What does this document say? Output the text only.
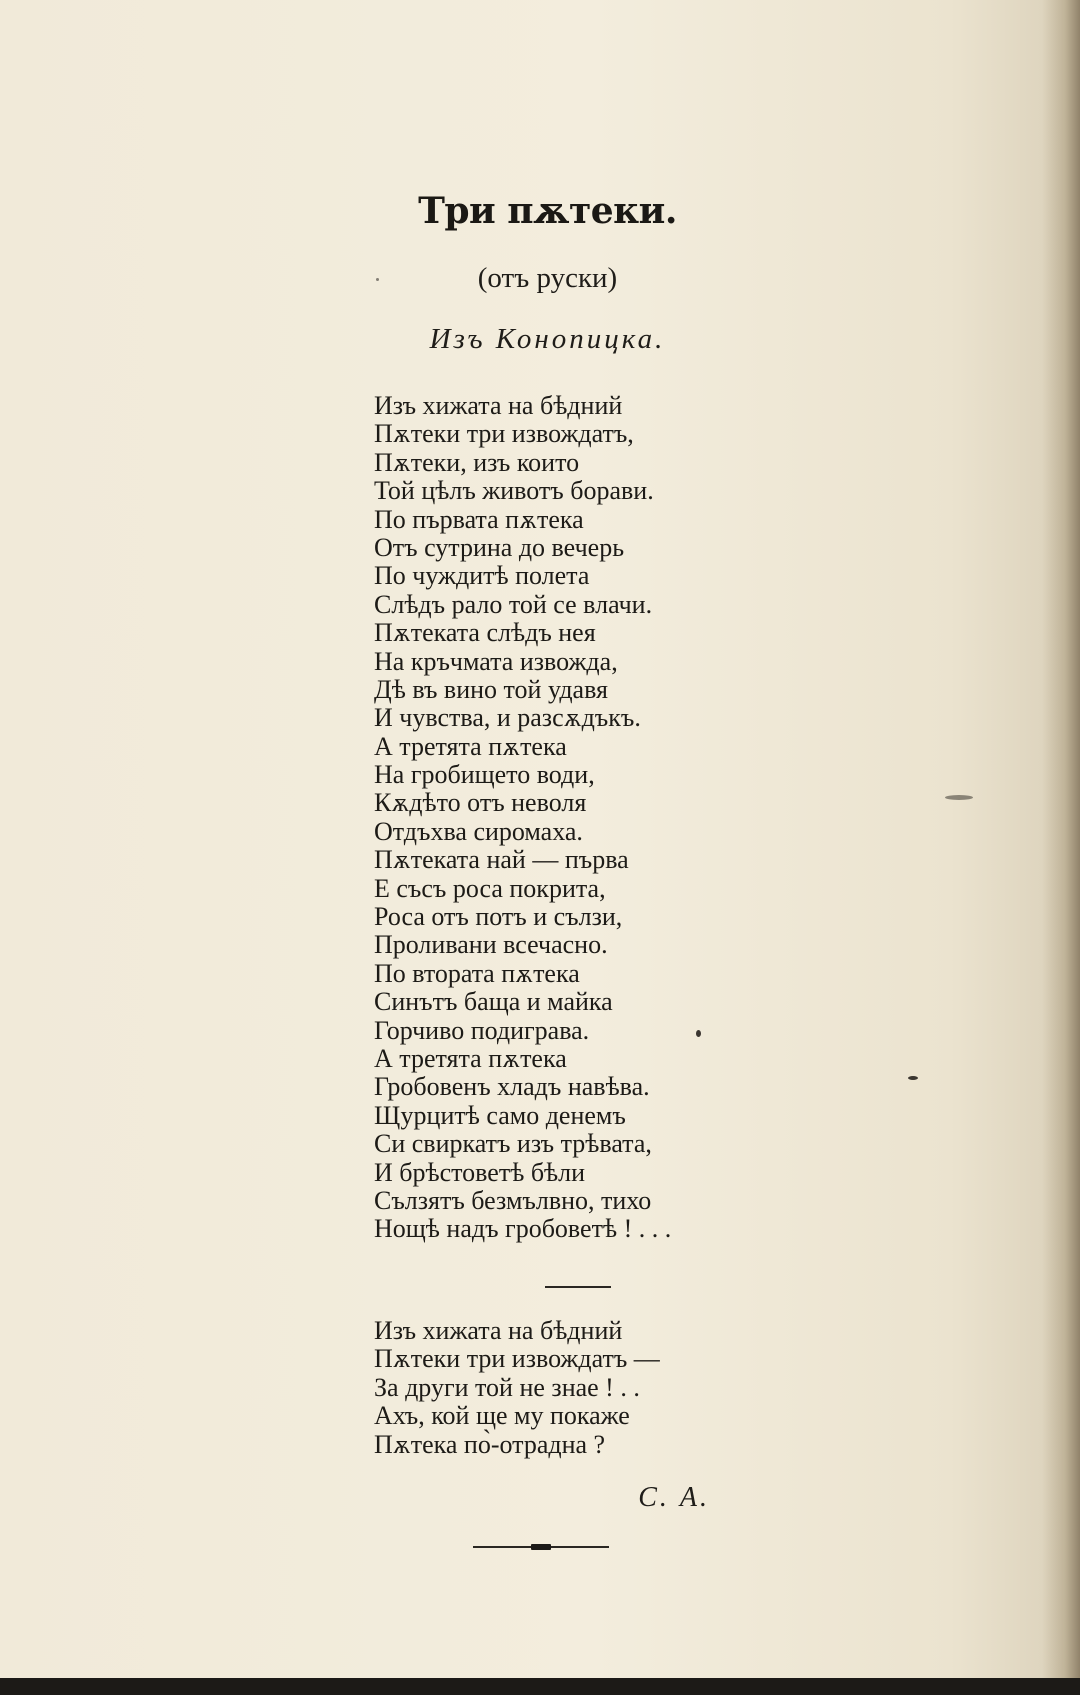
Три пѫтеки.

(отъ руски)

Изъ Конопицка.

Изъ хижата на бѣдний
Пѫтеки три извождатъ,
Пѫтеки, изъ които
Той цѣлъ животъ борави.
По първата пѫтека
Отъ сутрина до вечерь
По чуждитѣ полета
Слѣдъ рало той се влачи.
Пѫтеката слѣдъ нея
На кръчмата извожда,
Дѣ въ вино той удавя
И чувства, и разсѫдъкъ.
А третята пѫтека
На гробището води,
Кѫдѣто отъ неволя
Отдъхва сиромаха.
Пѫтеката най — първа
Е съсъ роса покрита,
Роса отъ потъ и сълзи,
Проливани всечасно.
По вторатa пѫтека
Синътъ баща и майка
Горчиво подиграва.
А третята пѫтека
Гробовенъ хладъ навѣва.
Щурцитѣ само денемъ
Си свиркатъ изъ трѣвата,
И брѣстоветѣ бѣли
Сълзятъ безмълвно, тихо
Нощѣ надъ гробоветѣ ! . . .
Изъ хижата на бѣдний
Пѫтеки три извождатъ —
За други той не знае ! . .
Ахъ, кой ще му покаже
Пѫтека по̀-отрадна ?

С. А.
